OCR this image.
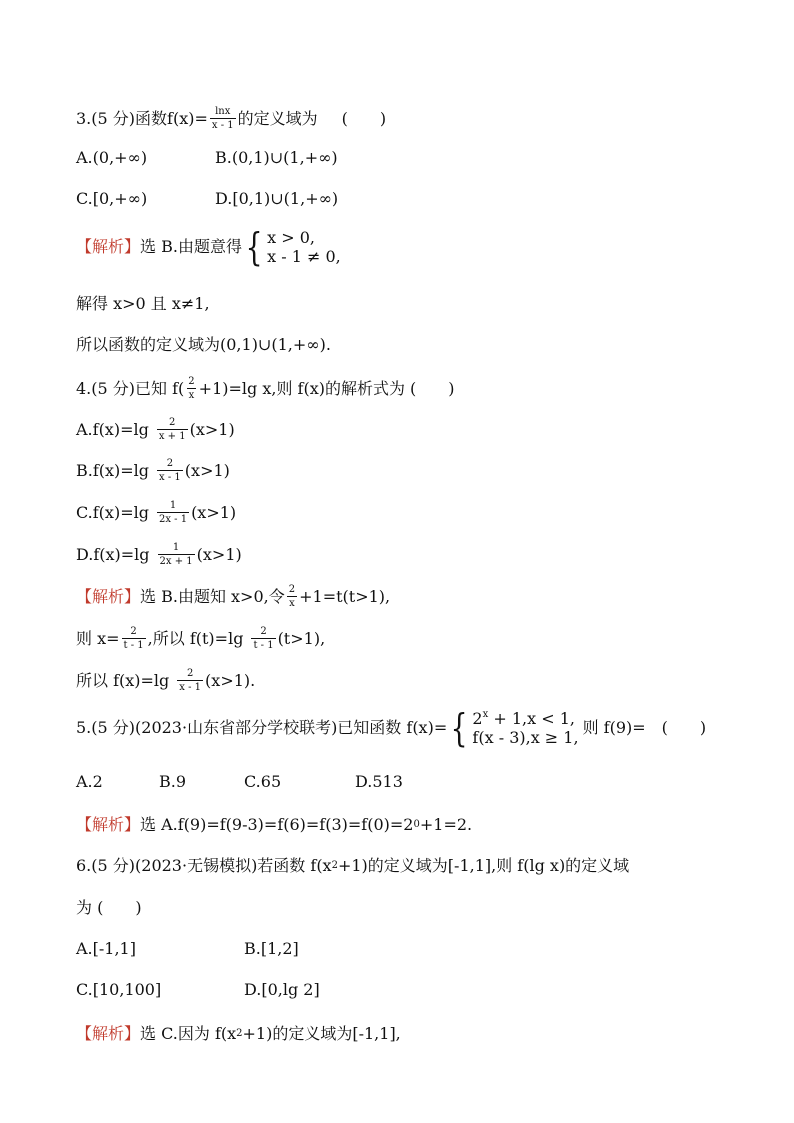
3.(5 分)函数 $f(x)= \frac{\ln x}{x - 1}$ 的定义域为 (　　)
A.(0,+∞)	B.(0,1)∪(1,+∞)
C.[0,+∞)	D.[0,1)∪(1,+∞)
【解析】 选 B.由题意得 { x > 0,
x - 1 ≠ 0,
解得 x>0 且 x≠1,
所以函数的定义域为(0,1)∪(1,+∞).
4.(5 分)已知 $f( \frac{2}{x} +1)=\lg$ x,则 f(x)的解析式为 (　　)
$A.f(x)=\lg \frac{2}{x + 1} (x>1)$
$B.f(x)=\lg \frac{2}{x - 1} (x>1)$
$C.f(x)=\lg \frac{1}{2x - 1} (x>1)$
$D.f(x)=\lg \frac{1}{2x + 1} (x>1)$
【解析】 选 B.由题知 x>0,令 $\frac{2}{x} +1=t(t>1)$,
则 $x= \frac{2}{t - 1}$ ,所以 $f(t)=\lg \frac{2}{t - 1} (t>1)$,
所以 $f(x)=\lg \frac{2}{x - 1} (x>1)$.
5.(5 分)(2023·山东省部分学校联考)已知函数 f(x)= { $2^x + 1,x < 1$,
f(x - 3),x ≥ 1,
则 f(9)= (　　)
A.2	B.9	C.65	D.513
【解析】 选 A.f(9)=f(9-3)=f(6)=f(3)=f(0)=2 0 +1=2.
6.(5 分)(2023·无锡模拟)若函数 f(x 2 +1)的定义域为[-1,1],则 f(lg x)的定义域
为 (　　)
A.[-1,1]	B.[1,2]
C.[10,100]	D.[0,lg 2]
【解析】 选 C.因为 f(x 2 +1)的定义域为[-1,1],
